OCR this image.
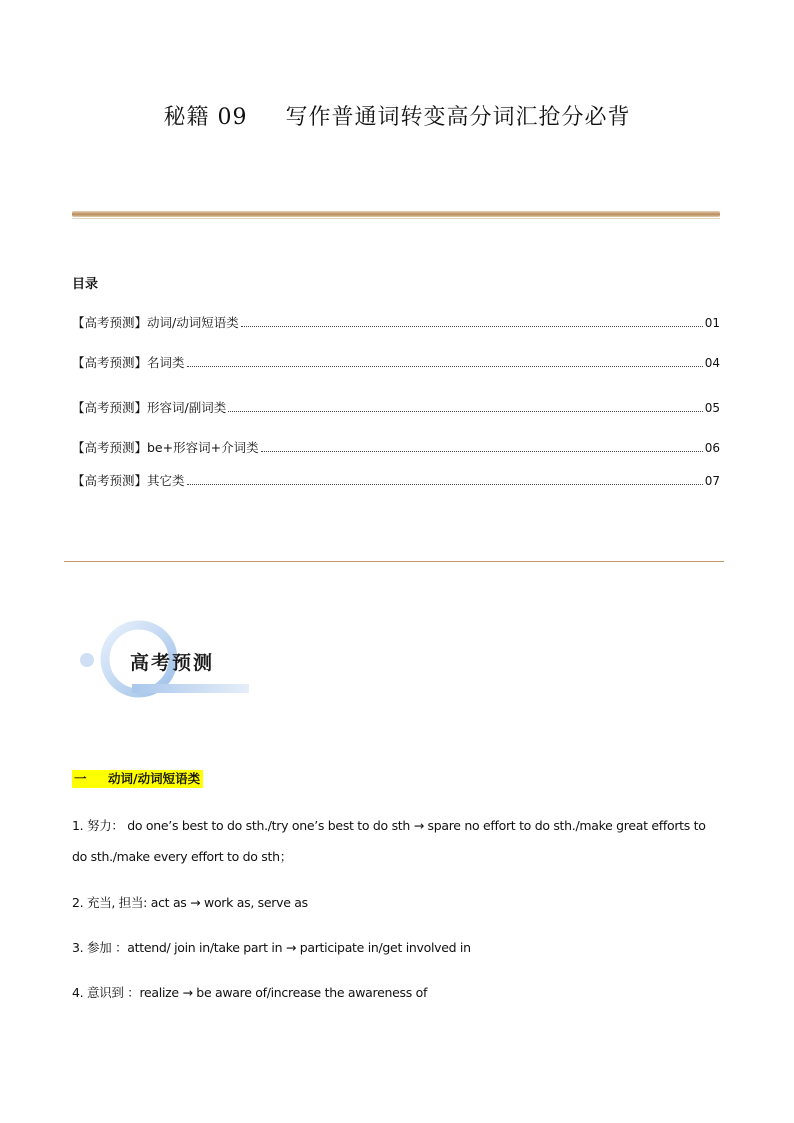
秘籍 09 写作普通词转变高分词汇抢分必背
目录
【高考预测】动词/动词短语类	01
【高考预测】名词类	04
【高考预测】形容词/副词类	05
【高考预测】be+形容词+介词类	06
【高考预测】其它类	07
高考预测
一 动词/动词短语类
1. 努力： do one’s best to do sth./try one’s best to do sth → spare no effort to do sth./make great efforts to do sth./make every effort to do sth；
2. 充当, 担当: act as → work as, serve as
3. 参加 ：attend/ join in/take part in → participate in/get involved in
4. 意识到 ：realize → be aware of/increase the awareness of
